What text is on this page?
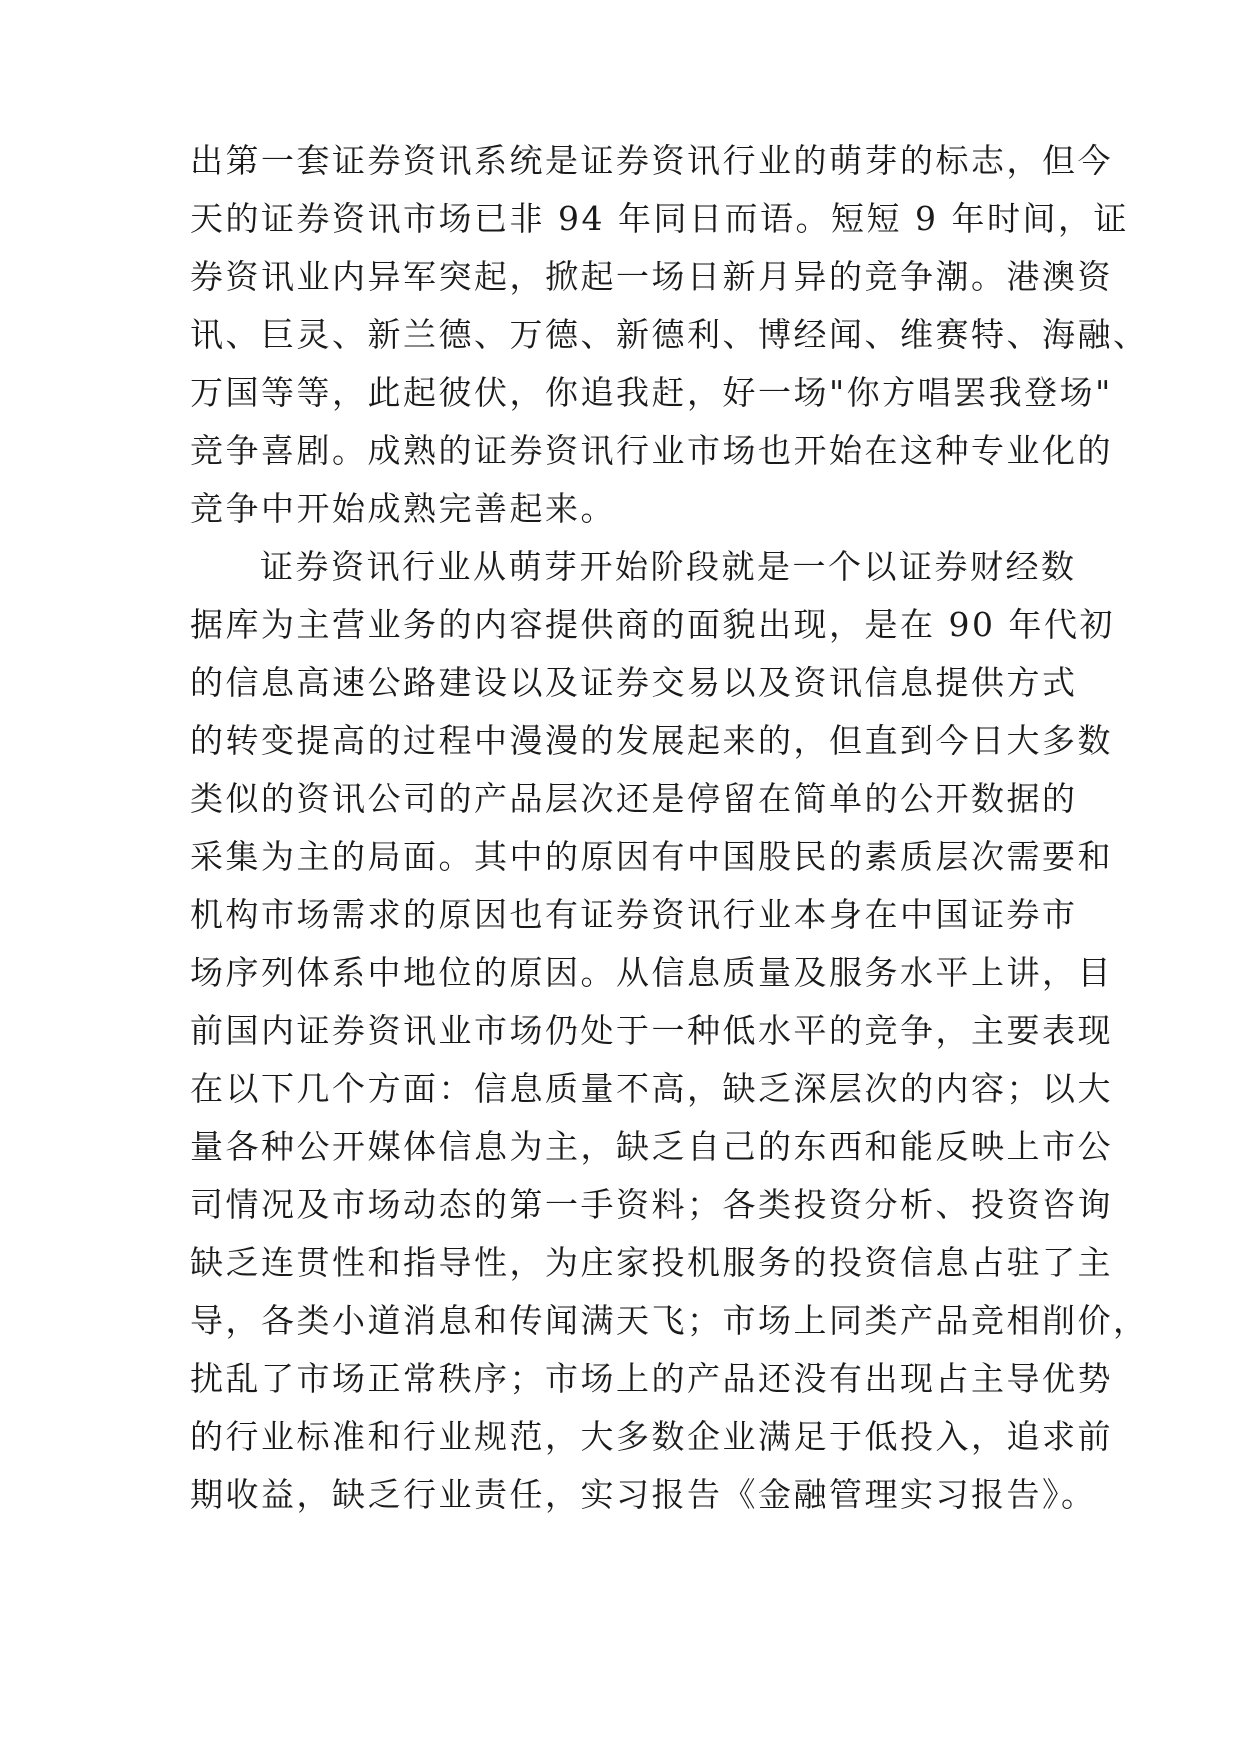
出第一套证券资讯系统是证券资讯行业的萌芽的标志，但今
天的证券资讯市场已非 94 年同日而语。短短 9 年时间，证
券资讯业内异军突起，掀起一场日新月异的竞争潮。港澳资
讯、巨灵、新兰德、万德、新德利、博经闻、维赛特、海融、
万国等等，此起彼伏，你追我赶，好一场"你方唱罢我登场"
竞争喜剧。成熟的证券资讯行业市场也开始在这种专业化的
竞争中开始成熟完善起来。
证券资讯行业从萌芽开始阶段就是一个以证券财经数
据库为主营业务的内容提供商的面貌出现，是在 90 年代初
的信息高速公路建设以及证券交易以及资讯信息提供方式
的转变提高的过程中漫漫的发展起来的，但直到今日大多数
类似的资讯公司的产品层次还是停留在简单的公开数据的
采集为主的局面。其中的原因有中国股民的素质层次需要和
机构市场需求的原因也有证券资讯行业本身在中国证券市
场序列体系中地位的原因。从信息质量及服务水平上讲，目
前国内证券资讯业市场仍处于一种低水平的竞争，主要表现
在以下几个方面：信息质量不高，缺乏深层次的内容；以大
量各种公开媒体信息为主，缺乏自己的东西和能反映上市公
司情况及市场动态的第一手资料；各类投资分析、投资咨询
缺乏连贯性和指导性，为庄家投机服务的投资信息占驻了主
导，各类小道消息和传闻满天飞；市场上同类产品竞相削价，
扰乱了市场正常秩序；市场上的产品还没有出现占主导优势
的行业标准和行业规范，大多数企业满足于低投入，追求前
期收益，缺乏行业责任，实习报告《金融管理实习报告》。
